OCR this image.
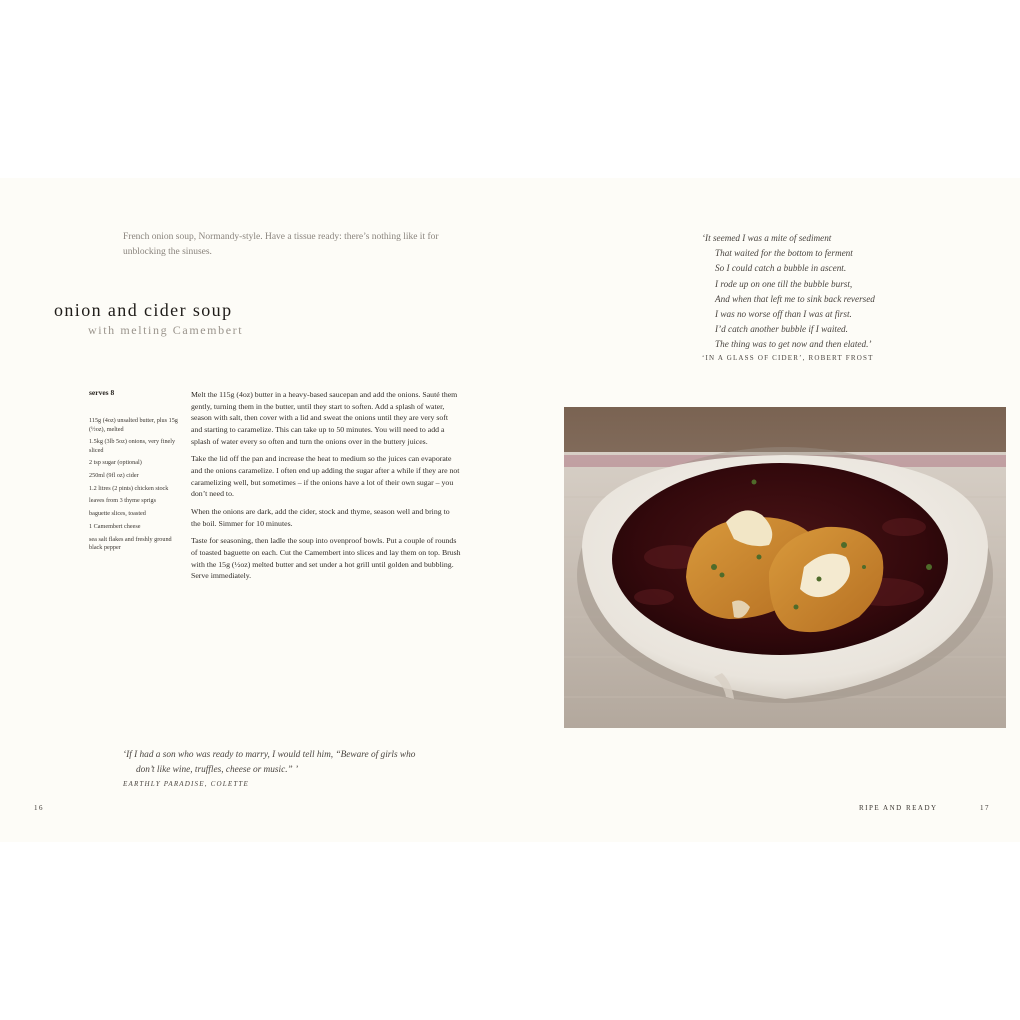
French onion soup, Normandy-style. Have a tissue ready: there’s nothing like it for unblocking the sinuses.
onion and cider soup
with melting Camembert
serves 8
115g (4oz) unsalted butter, plus 15g (½oz), melted
1.5kg (3lb 5oz) onions, very finely sliced
2 tsp sugar (optional)
250ml (9fl oz) cider
1.2 litres (2 pints) chicken stock
leaves from 3 thyme sprigs
baguette slices, toasted
1 Camembert cheese
sea salt flakes and freshly ground black pepper

Melt the 115g (4oz) butter in a heavy-based saucepan and add the onions. Sauté them gently, turning them in the butter, until they start to soften. Add a splash of water, season with salt, then cover with a lid and sweat the onions until they are very soft and starting to caramelize. This can take up to 50 minutes. You will need to add a splash of water every so often and turn the onions over in the buttery juices.

Take the lid off the pan and increase the heat to medium so the juices can evaporate and the onions caramelize. I often end up adding the sugar after a while if they are not caramelizing well, but sometimes – if the onions have a lot of their own sugar – you don’t need to.

When the onions are dark, add the cider, stock and thyme, season well and bring to the boil. Simmer for 10 minutes.

Taste for seasoning, then ladle the soup into ovenproof bowls. Put a couple of rounds of toasted baguette on each. Cut the Camembert into slices and lay them on top. Brush with the 15g (½oz) melted butter and set under a hot grill until golden and bubbling. Serve immediately.

‘If I had a son who was ready to marry, I would tell him, “Beware of girls who
don’t like wine, truffles, cheese or music.” ’
EARTHLY PARADISE, COLETTE
‘It seemed I was a mite of sediment
That waited for the bottom to ferment
So I could catch a bubble in ascent.
I rode up on one till the bubble burst,
And when that left me to sink back reversed
I was no worse off than I was at first.
I’d catch another bubble if I waited.
The thing was to get now and then elated.’
‘IN A GLASS OF CIDER’, ROBERT FROST
16	RIPE AND READY	17
